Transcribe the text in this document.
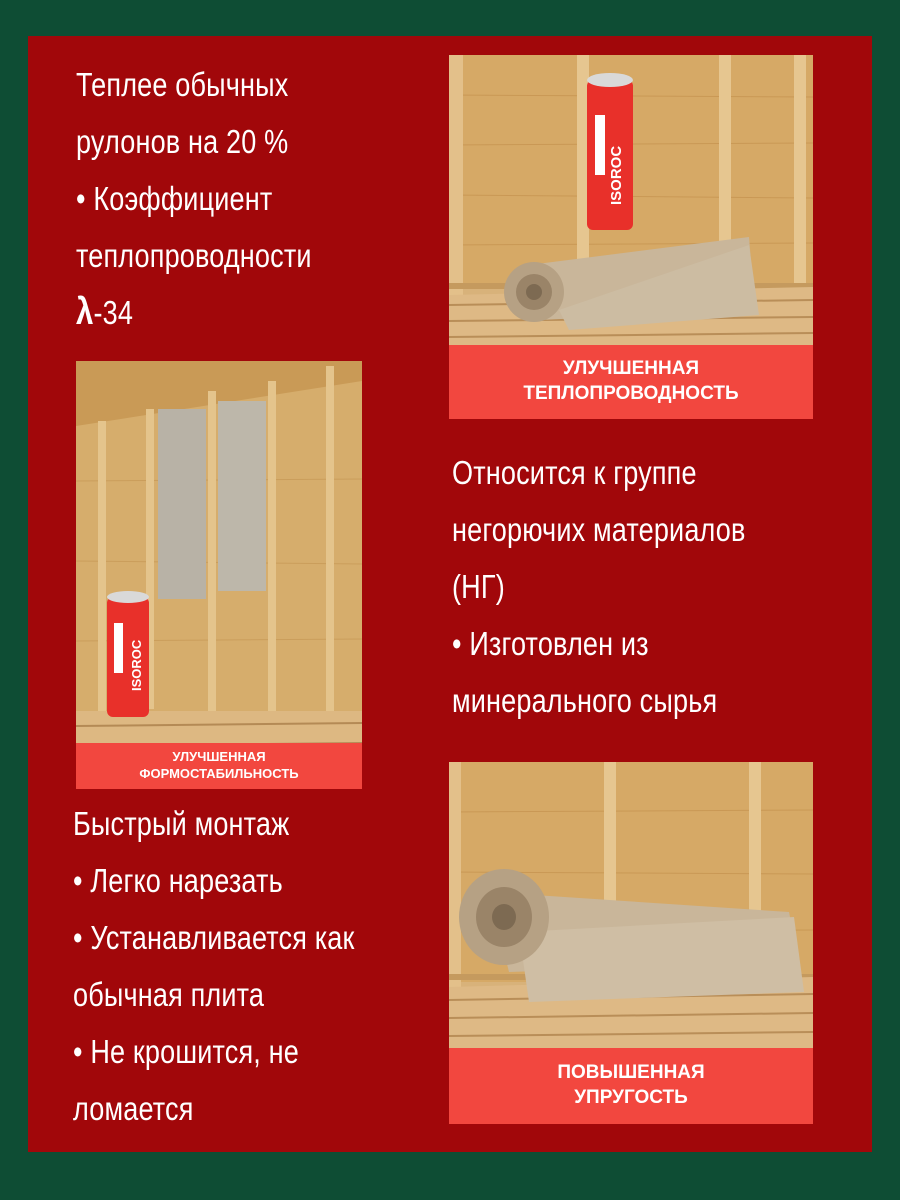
Теплее обычных
рулонов на 20 %
• Коэффициент
теплопроводности
λ-34
Относится к группе
негорючих материалов
(НГ)
• Изготовлен из
минерального сырья
Быстрый монтаж
• Легко нарезать
• Устанавливается как
обычная плита
• Не крошится, не
ломается
ISOROC
УЛУЧШЕННАЯ
ТЕПЛОПРОВОДНОСТЬ
ISOROC
УЛУЧШЕННАЯ
ФОРМОСТАБИЛЬНОСТЬ
ПОВЫШЕННАЯ
УПРУГОСТЬ
